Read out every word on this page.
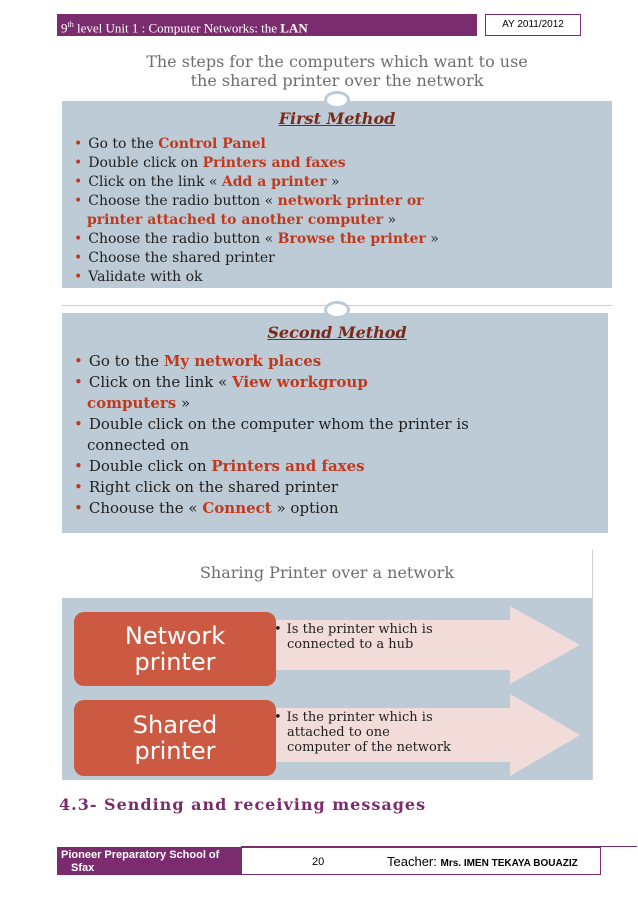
9th level Unit 1 : Computer Networks: the LAN	AY 2011/2012
The steps for the computers which want to use
the shared printer over the network
First Method
• Go to the Control Panel
• Double click on Printers and faxes
• Click on the link « Add a printer »
• Choose the radio button « network printer or
printer attached to another computer »
• Choose the radio button « Browse the printer »
• Choose the shared printer
• Validate with ok
Second Method
• Go to the My network places
• Click on the link « View workgroup
computers »
• Double click on the computer whom the printer is
connected on
• Double click on Printers and faxes
• Right click on the shared printer
• Choouse the « Connect » option
Sharing Printer over a network
Network
printer
• Is the printer which is
connected to a hub
Shared
printer
• Is the printer which is
attached to one
computer of the network
4.3- Sending and receiving messages
Pioneer Preparatory School of
Sfax	20	Teacher: Mrs. IMEN TEKAYA BOUAZIZ
